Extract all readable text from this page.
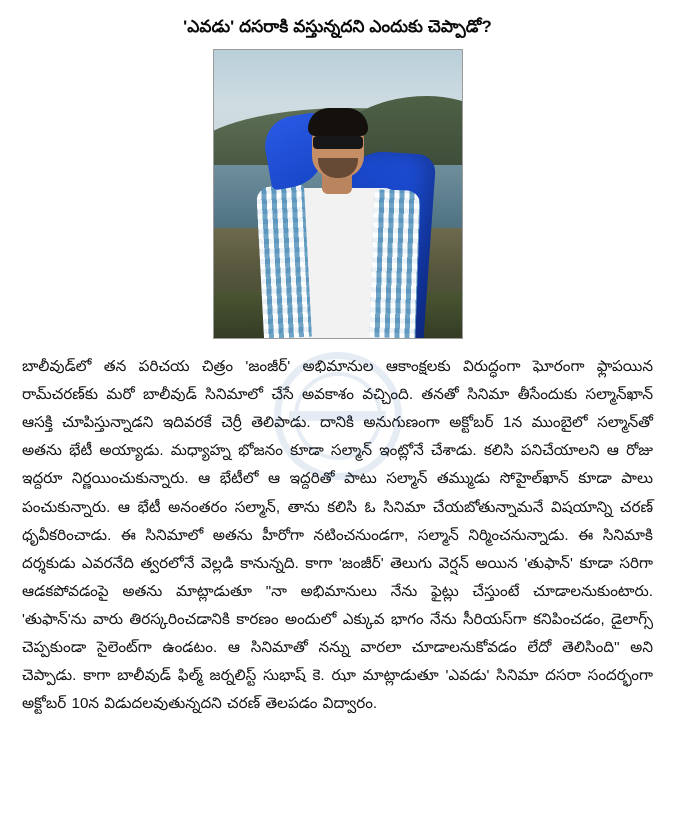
'ఎవడు' దసరాకి వస్తున్నదని ఎందుకు చెప్పాడో?
బాలీవుడ్‌లో తన పరిచయ చిత్రం 'జంజీర్' అభిమానుల ఆకాంక్షలకు విరుద్ధంగా ఘోరంగా ఫ్లాపయిన రామ్‌చరణ్‌కు మరో బాలీవుడ్ సినిమాలో చేసే అవకాశం వచ్చింది. తనతో సినిమా తీసేందుకు సల్మాన్‌ఖాన్ ఆసక్తి చూపిస్తున్నాడని ఇదివరకే చెర్రీ తెలిపాడు. దానికి అనుగుణంగా అక్టోబర్ 1న ముంబైలో సల్మాన్‌తో అతను భేటీ అయ్యాడు. మధ్యాహ్న భోజనం కూడా సల్మాన్ ఇంట్లోనే చేశాడు. కలిసి పనిచేయాలని ఆ రోజు ఇద్దరూ నిర్ణయించుకున్నారు. ఆ భేటీలో ఆ ఇద్దరితో పాటు సల్మాన్ తమ్ముడు సోహైల్‌ఖాన్ కూడా పాలు పంచుకున్నారు. ఆ భేటీ అనంతరం సల్మాన్, తాను కలిసి ఓ సినిమా చేయబోతున్నామనే విషయాన్ని చరణ్ ధృవీకరించాడు. ఈ సినిమాలో అతను హీరోగా నటించనుండగా, సల్మాన్ నిర్మించనున్నాడు. ఈ సినిమాకి దర్శకుడు ఎవరనేది త్వరలోనే వెల్లడి కానున్నది. కాగా 'జంజీర్' తెలుగు వెర్షన్ అయిన 'తుఫాన్' కూడా సరిగా ఆడకపోవడంపై అతను మాట్లాడుతూ "నా అభిమానులు నేను ఫైట్లు చేస్తుంటే చూడాలనుకుంటారు. 'తుఫాన్'ను వారు తిరస్కరించడానికి కారణం అందులో ఎక్కువ భాగం నేను సీరియస్‌గా కనిపించడం, డైలాగ్స్ చెప్పకుండా సైలెంట్‌గా ఉండటం. ఆ సినిమాతో నన్ను వారలా చూడాలనుకోవడం లేదో తెలిసింది" అని చెప్పాడు. కాగా బాలీవుడ్ ఫిల్మ్ జర్నలిస్ట్ సుభాష్ కె. ఝా మాట్లాడుతూ 'ఎవడు' సినిమా దసరా సందర్భంగా అక్టోబర్ 10న విడుదలవుతున్నదని చరణ్ తెలపడం విద్వారం.
